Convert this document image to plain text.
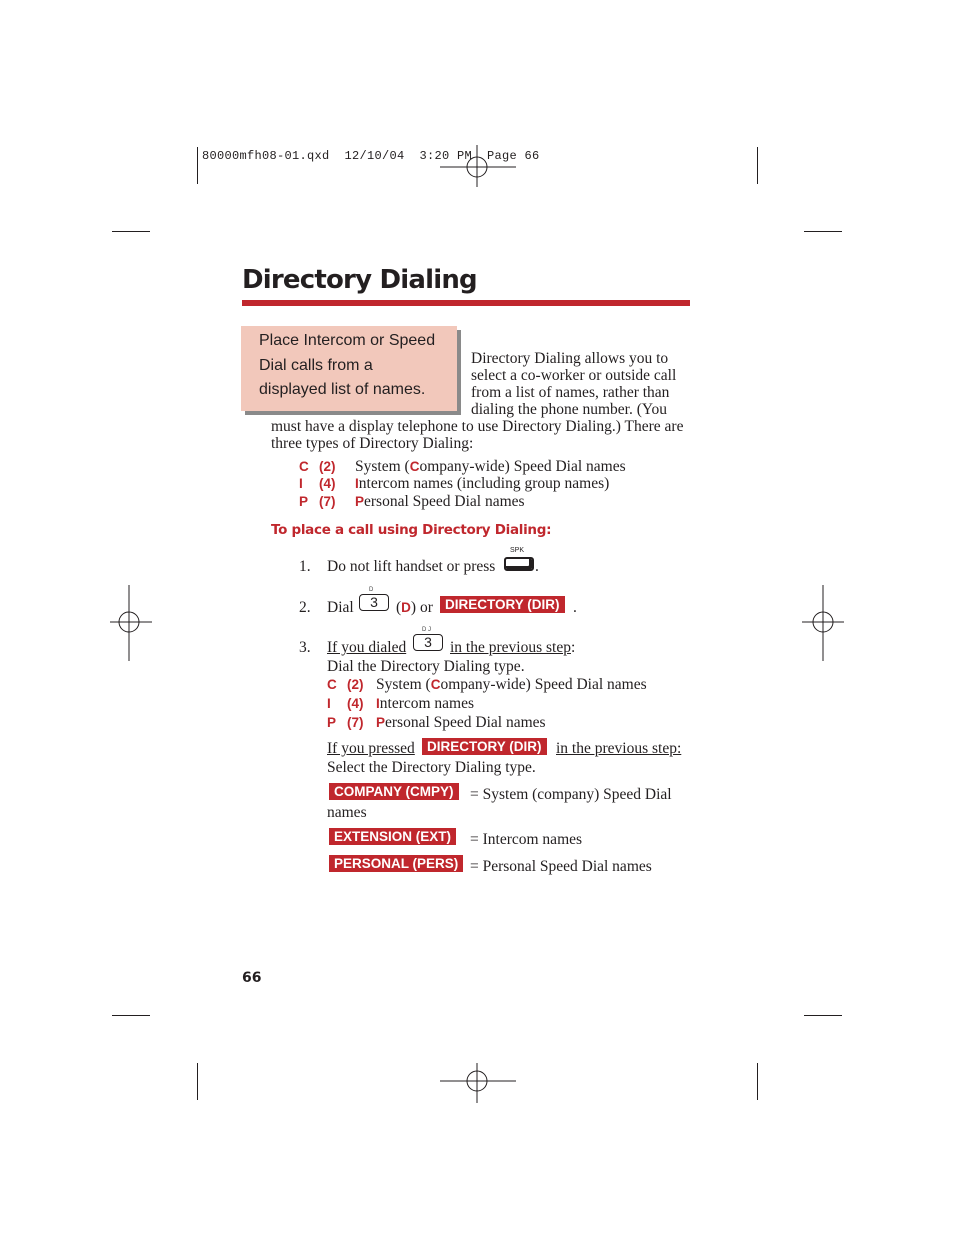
80000mfh08-01.qxd  12/10/04  3:20 PM  Page 66
Directory Dialing
Place Intercom or Speed
Dial calls from a
displayed list of names.
Directory Dialing allows you to
select a co-worker or outside call
from a list of names, rather than
dialing the phone number. (You
must have a display telephone to use Directory Dialing.) There are
three types of Directory Dialing:
C (2) System (Company-wide) Speed Dial names
I (4) Intercom names (including group names)
P (7) Personal Speed Dial names
To place a call using Directory Dialing:
1. Do not lift handset or press
SPK
.
2. Dial
D
3	(D) or DIRECTORY (DIR) .
3. If you dialed
D J
3	in the previous step:
Dial the Directory Dialing type.
C (2) System (Company-wide) Speed Dial names
I (4) Intercom names
P (7) Personal Speed Dial names
If you pressed DIRECTORY (DIR) in the previous step:
Select the Directory Dialing type.
COMPANY (CMPY)	= System (company) Speed Dial
names
EXTENSION (EXT)	= Intercom names
PERSONAL (PERS) = Personal Speed Dial names
66
